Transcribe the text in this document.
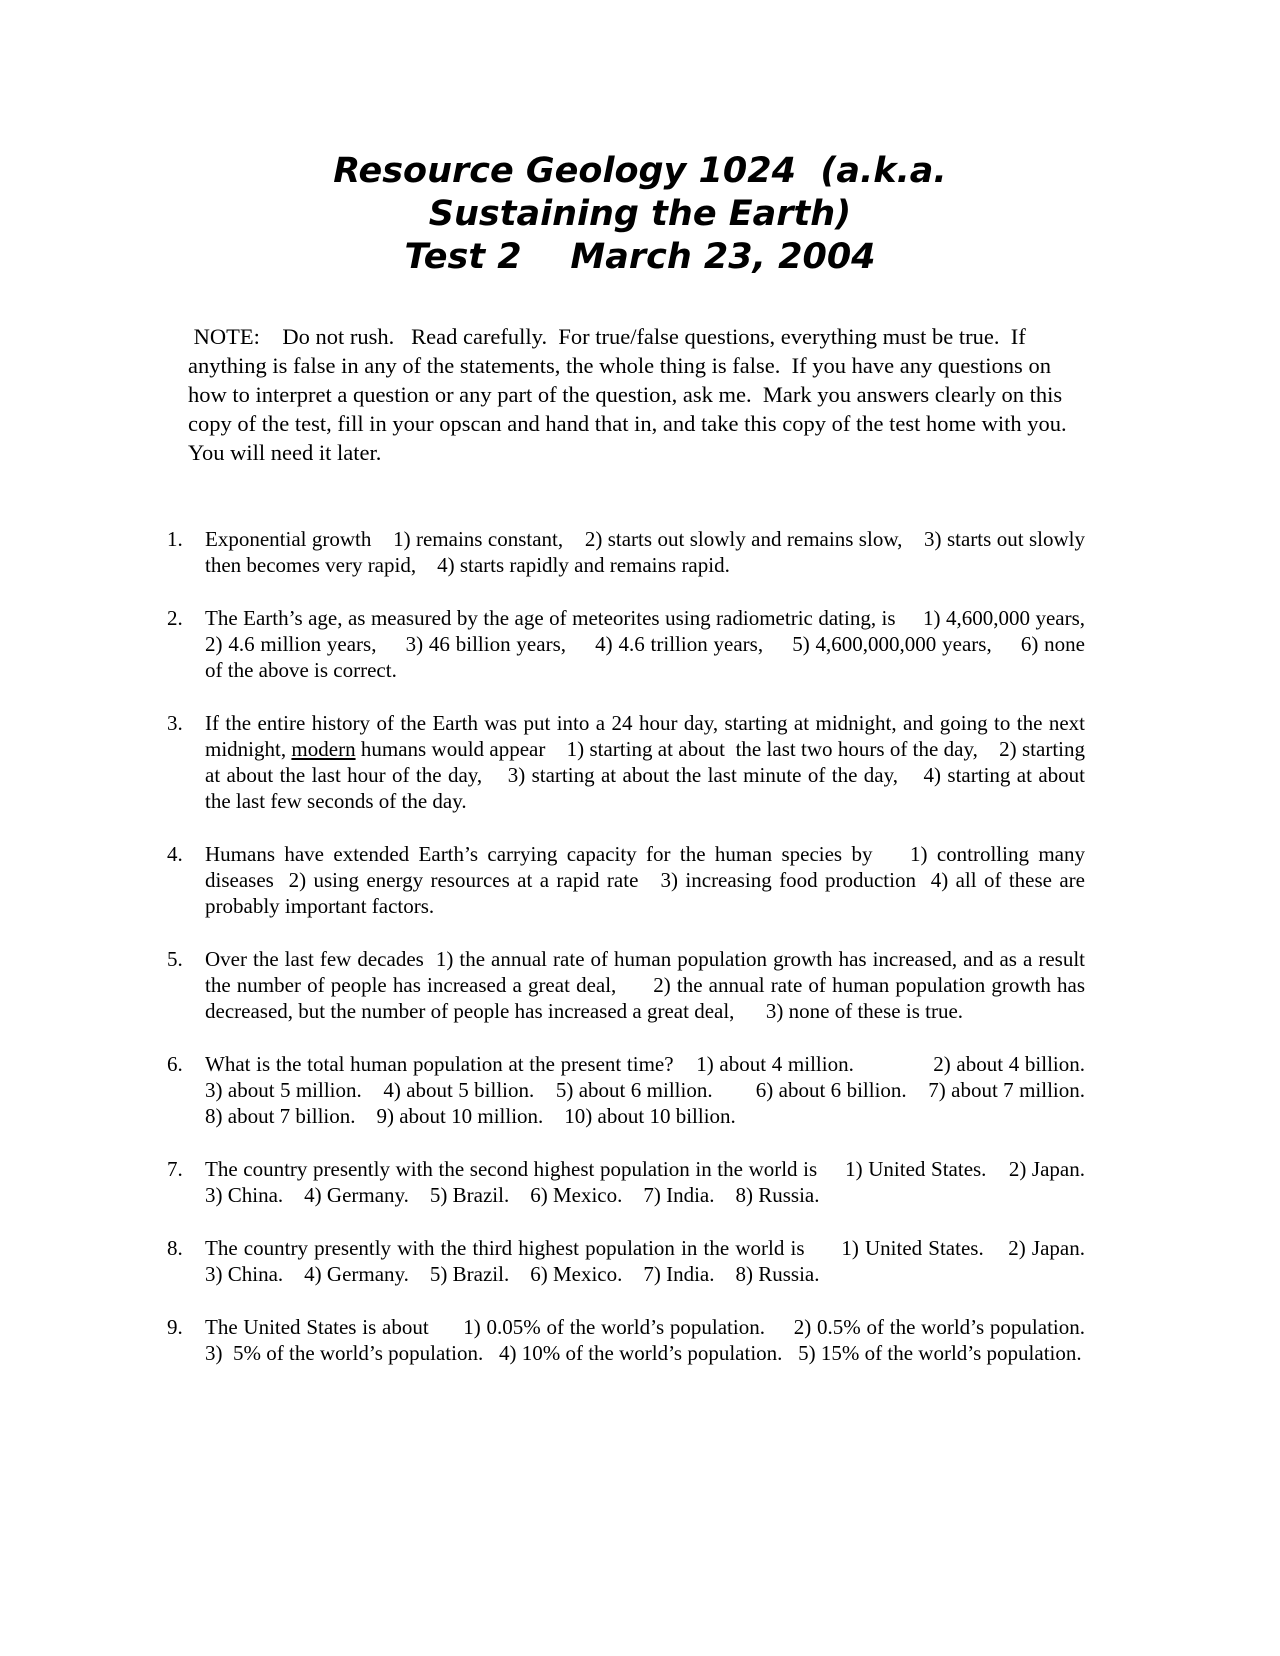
Resource Geology 1024  (a.k.a.
Sustaining the Earth)
Test 2    March 23, 2004
NOTE:    Do not rush.   Read carefully.  For true/false questions, everything must be true.  If anything is false in any of the statements, the whole thing is false.  If you have any questions on how to interpret a question or any part of the question, ask me.  Mark you answers clearly on this copy of the test, fill in your opscan and hand that in, and take this copy of the test home with you.  You will need it later.
1. Exponential growth    1) remains constant,    2) starts out slowly and remains slow,    3) starts out slowly then becomes very rapid,    4) starts rapidly and remains rapid.
2. The Earth’s age, as measured by the age of meteorites using radiometric dating, is     1) 4,600,000 years,     2) 4.6 million years,     3) 46 billion years,     4) 4.6 trillion years,     5) 4,600,000,000 years,     6) none of the above is correct.
3. If the entire history of the Earth was put into a 24 hour day, starting at midnight, and going to the next midnight, modern humans would appear    1) starting at about  the last two hours of the day,    2) starting at about the last hour of the day,    3) starting at about the last minute of the day,    4) starting at about the last few seconds of the day.
4. Humans have extended Earth’s carrying capacity for the human species by    1) controlling many diseases  2) using energy resources at a rapid rate   3) increasing food production  4) all of these are probably important factors.
5. Over the last few decades  1) the annual rate of human population growth has increased, and as a result the number of people has increased a great deal,      2) the annual rate of human population growth has decreased, but the number of people has increased a great deal,      3) none of these is true.
6. What is the total human population at the present time?    1) about 4 million.              2) about 4 billion.    3) about 5 million.    4) about 5 billion.    5) about 6 million.        6) about 6 billion.    7) about 7 million.    8) about 7 billion.    9) about 10 million.    10) about 10 billion.
7. The country presently with the second highest population in the world is     1) United States.    2) Japan.    3) China.    4) Germany.    5) Brazil.    6) Mexico.    7) India.    8) Russia.
8. The country presently with the third highest population in the world is      1) United States.    2) Japan.    3) China.    4) Germany.    5) Brazil.    6) Mexico.    7) India.    8) Russia.
9. The United States is about      1) 0.05% of the world’s population.     2) 0.5% of the world’s population.   3)  5% of the world’s population.   4) 10% of the world’s population.   5) 15% of the world’s population.
